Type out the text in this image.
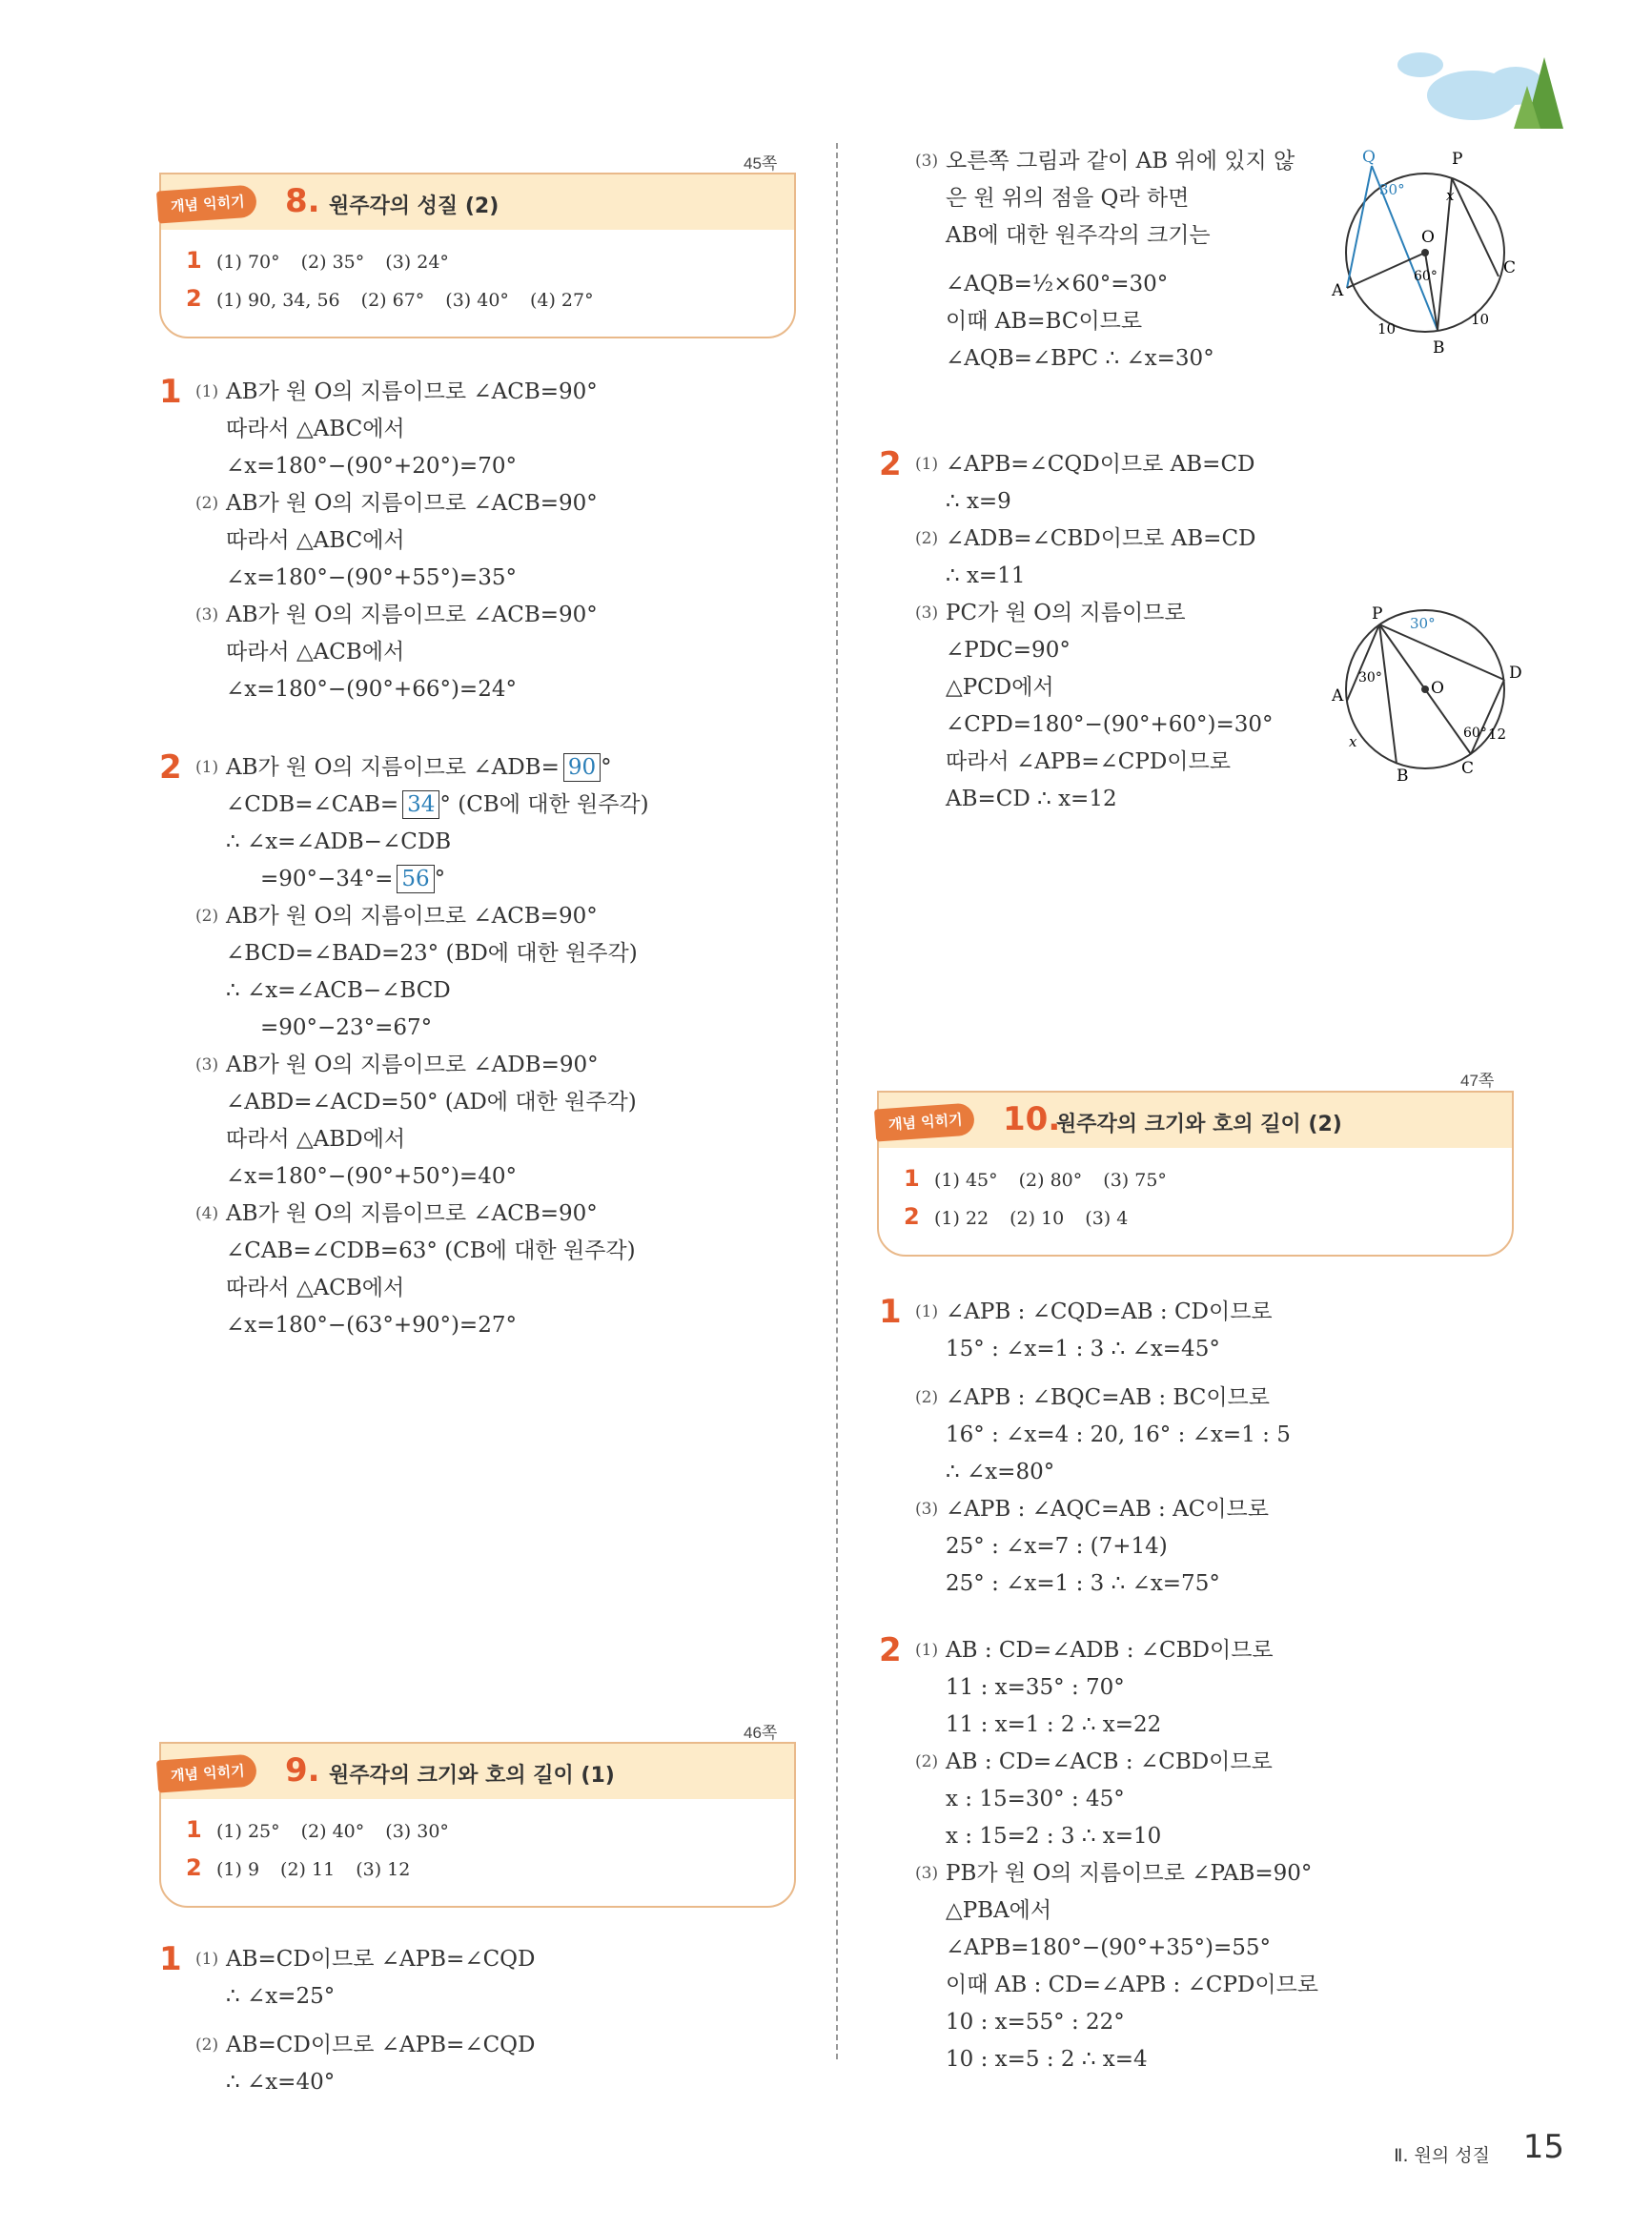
45쪽
개념 익히기	8. 원주각의 성질 (2)
1 (1) 70° (2) 35° (3) 24°
2 (1) 90, 34, 56 (2) 67° (3) 40° (4) 27°
1 (1) AB가 원 O의 지름이므로 ∠ACB=90°
따라서 △ABC에서
∠x=180°−(90°+20°)=70°
(2) AB가 원 O의 지름이므로 ∠ACB=90°
따라서 △ABC에서
∠x=180°−(90°+55°)=35°
(3) AB가 원 O의 지름이므로 ∠ACB=90°
따라서 △ACB에서
∠x=180°−(90°+66°)=24°
2 (1) AB가 원 O의 지름이므로 ∠ADB= 90 °
∠CDB=∠CAB= 34 ° (CB에 대한 원주각)
∴ ∠x=∠ADB−∠CDB
=90°−34°= 56 °
(2) AB가 원 O의 지름이므로 ∠ACB=90°
∠BCD=∠BAD=23° (BD에 대한 원주각)
∴ ∠x=∠ACB−∠BCD
=90°−23°=67°
(3) AB가 원 O의 지름이므로 ∠ADB=90°
∠ABD=∠ACD=50° (AD에 대한 원주각)
따라서 △ABD에서
∠x=180°−(90°+50°)=40°
(4) AB가 원 O의 지름이므로 ∠ACB=90°
∠CAB=∠CDB=63° (CB에 대한 원주각)
따라서 △ACB에서
∠x=180°−(63°+90°)=27°
46쪽
개념 익히기	9. 원주각의 크기와 호의 길이 (1)
1 (1) 25° (2) 40° (3) 30°
2 (1) 9 (2) 11 (3) 12
1 (1) AB=CD이므로 ∠APB=∠CQD
∴ ∠x=25°
(2) AB=CD이므로 ∠APB=∠CQD
∴ ∠x=40°
(3) 오른쪽 그림과 같이 AB 위에 있지 않
은 원 위의 점을 Q라 하면
AB에 대한 원주각의 크기는
∠AQB=½×60°=30°
이때 AB=BC이므로
∠AQB=∠BPC ∴ ∠x=30°
Q	P
O
A
B
C
x
30°
60°
10
10
2 (1) ∠APB=∠CQD이므로 AB=CD
∴ x=9
(2) ∠ADB=∠CBD이므로 AB=CD
∴ x=11
(3) PC가 원 O의 지름이므로
∠PDC=90°
△PCD에서
∠CPD=180°−(90°+60°)=30°
따라서 ∠APB=∠CPD이므로
AB=CD ∴ x=12
P
A
B	C
D
O
x
30°
30°
60° 12
47쪽
개념 익히기	10.
원주각의 크기와 호의 길이 (2)
1 (1) 45° (2) 80° (3) 75°
2 (1) 22 (2) 10 (3) 4
1 (1) ∠APB : ∠CQD=AB : CD이므로
15° : ∠x=1 : 3 ∴ ∠x=45°
(2) ∠APB : ∠BQC=AB : BC이므로
16° : ∠x=4 : 20, 16° : ∠x=1 : 5
∴ ∠x=80°
(3) ∠APB : ∠AQC=AB : AC이므로
25° : ∠x=7 : (7+14)
25° : ∠x=1 : 3 ∴ ∠x=75°
2 (1) AB : CD=∠ADB : ∠CBD이므로
11 : x=35° : 70°
11 : x=1 : 2 ∴ x=22
(2) AB : CD=∠ACB : ∠CBD이므로
x : 15=30° : 45°
x : 15=2 : 3 ∴ x=10
(3) PB가 원 O의 지름이므로 ∠PAB=90°
△PBA에서
∠APB=180°−(90°+35°)=55°
이때 AB : CD=∠APB : ∠CPD이므로
10 : x=55° : 22°
10 : x=5 : 2 ∴ x=4
Ⅱ. 원의 성질 15
